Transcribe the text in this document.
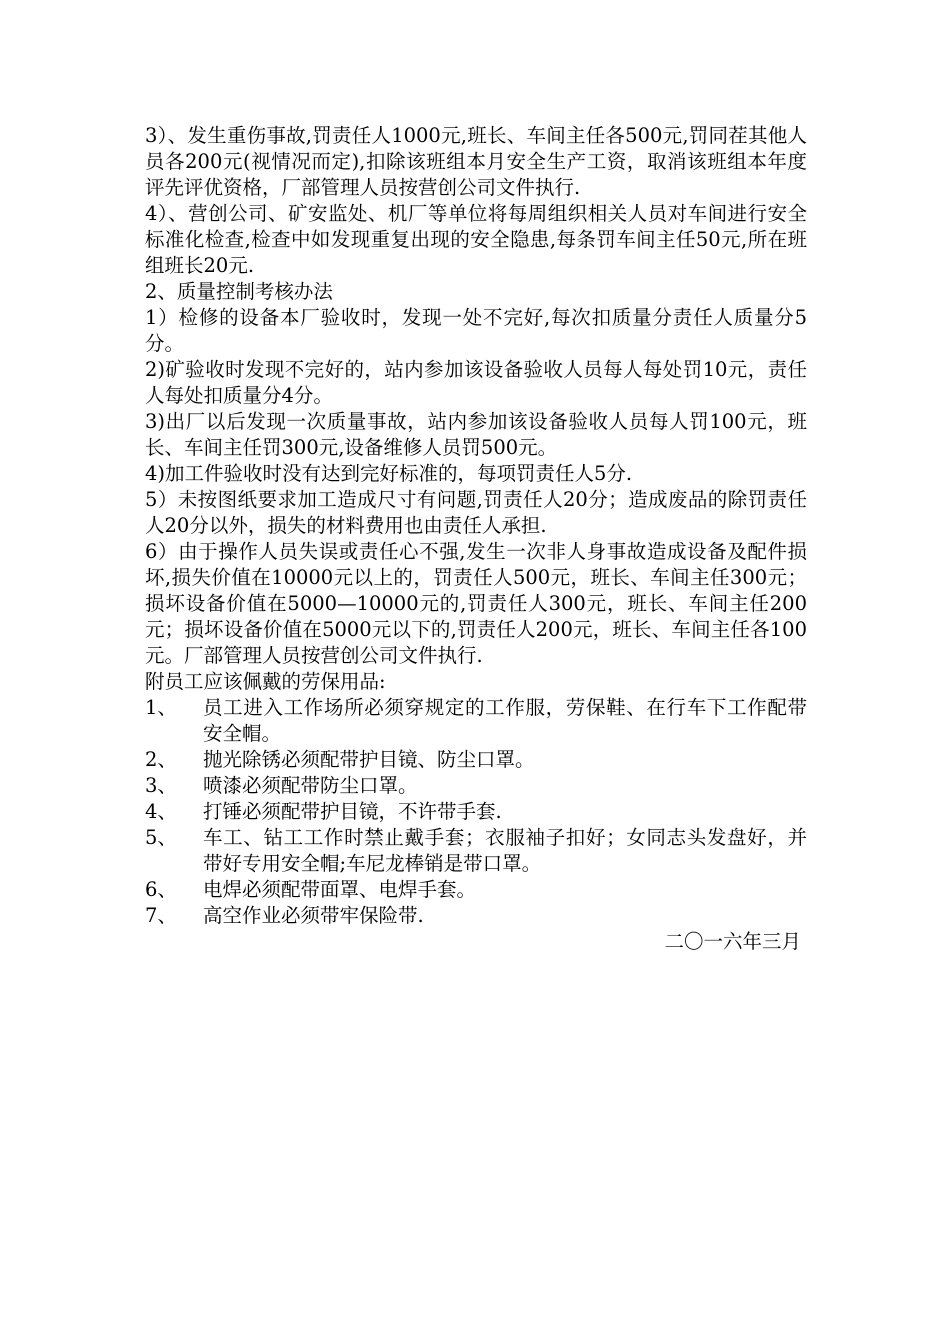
3）、发生重伤事故,罚责任人1000元,班长、车间主任各500元,罚同茬其他人员各200元(视情况而定),扣除该班组本月安全生产工资，取消该班组本年度评先评优资格，厂部管理人员按营创公司文件执行.

4）、营创公司、矿安监处、机厂等单位将每周组织相关人员对车间进行安全标准化检查,检查中如发现重复出现的安全隐患,每条罚车间主任50元,所在班组班长20元.

2、质量控制考核办法

1）检修的设备本厂验收时，发现一处不完好,每次扣质量分责任人质量分5分。

2)矿验收时发现不完好的，站内参加该设备验收人员每人每处罚10元，责任人每处扣质量分4分。

3)出厂以后发现一次质量事故，站内参加该设备验收人员每人罚100元，班长、车间主任罚300元,设备维修人员罚500元。

4)加工件验收时没有达到完好标准的，每项罚责任人5分.

5）未按图纸要求加工造成尺寸有问题,罚责任人20分；造成废品的除罚责任人20分以外，损失的材料费用也由责任人承担.

6）由于操作人员失误或责任心不强,发生一次非人身事故造成设备及配件损坏,损失价值在10000元以上的，罚责任人500元，班长、车间主任300元；损坏设备价值在5000—10000元的,罚责任人300元，班长、车间主任200元；损坏设备价值在5000元以下的,罚责任人200元，班长、车间主任各100元。厂部管理人员按营创公司文件执行.

附员工应该佩戴的劳保用品:

1、	员工进入工作场所必须穿规定的工作服，劳保鞋、在行车下工作配带安全帽。
2、	抛光除锈必须配带护目镜、防尘口罩。
3、	喷漆必须配带防尘口罩。
4、	打锤必须配带护目镜，不许带手套.
5、	车工、钻工工作时禁止戴手套；衣服袖子扣好；女同志头发盘好，并带好专用安全帽;车尼龙棒销是带口罩。
6、	电焊必须配带面罩、电焊手套。
7、	高空作业必须带牢保险带.

二〇一六年三月
